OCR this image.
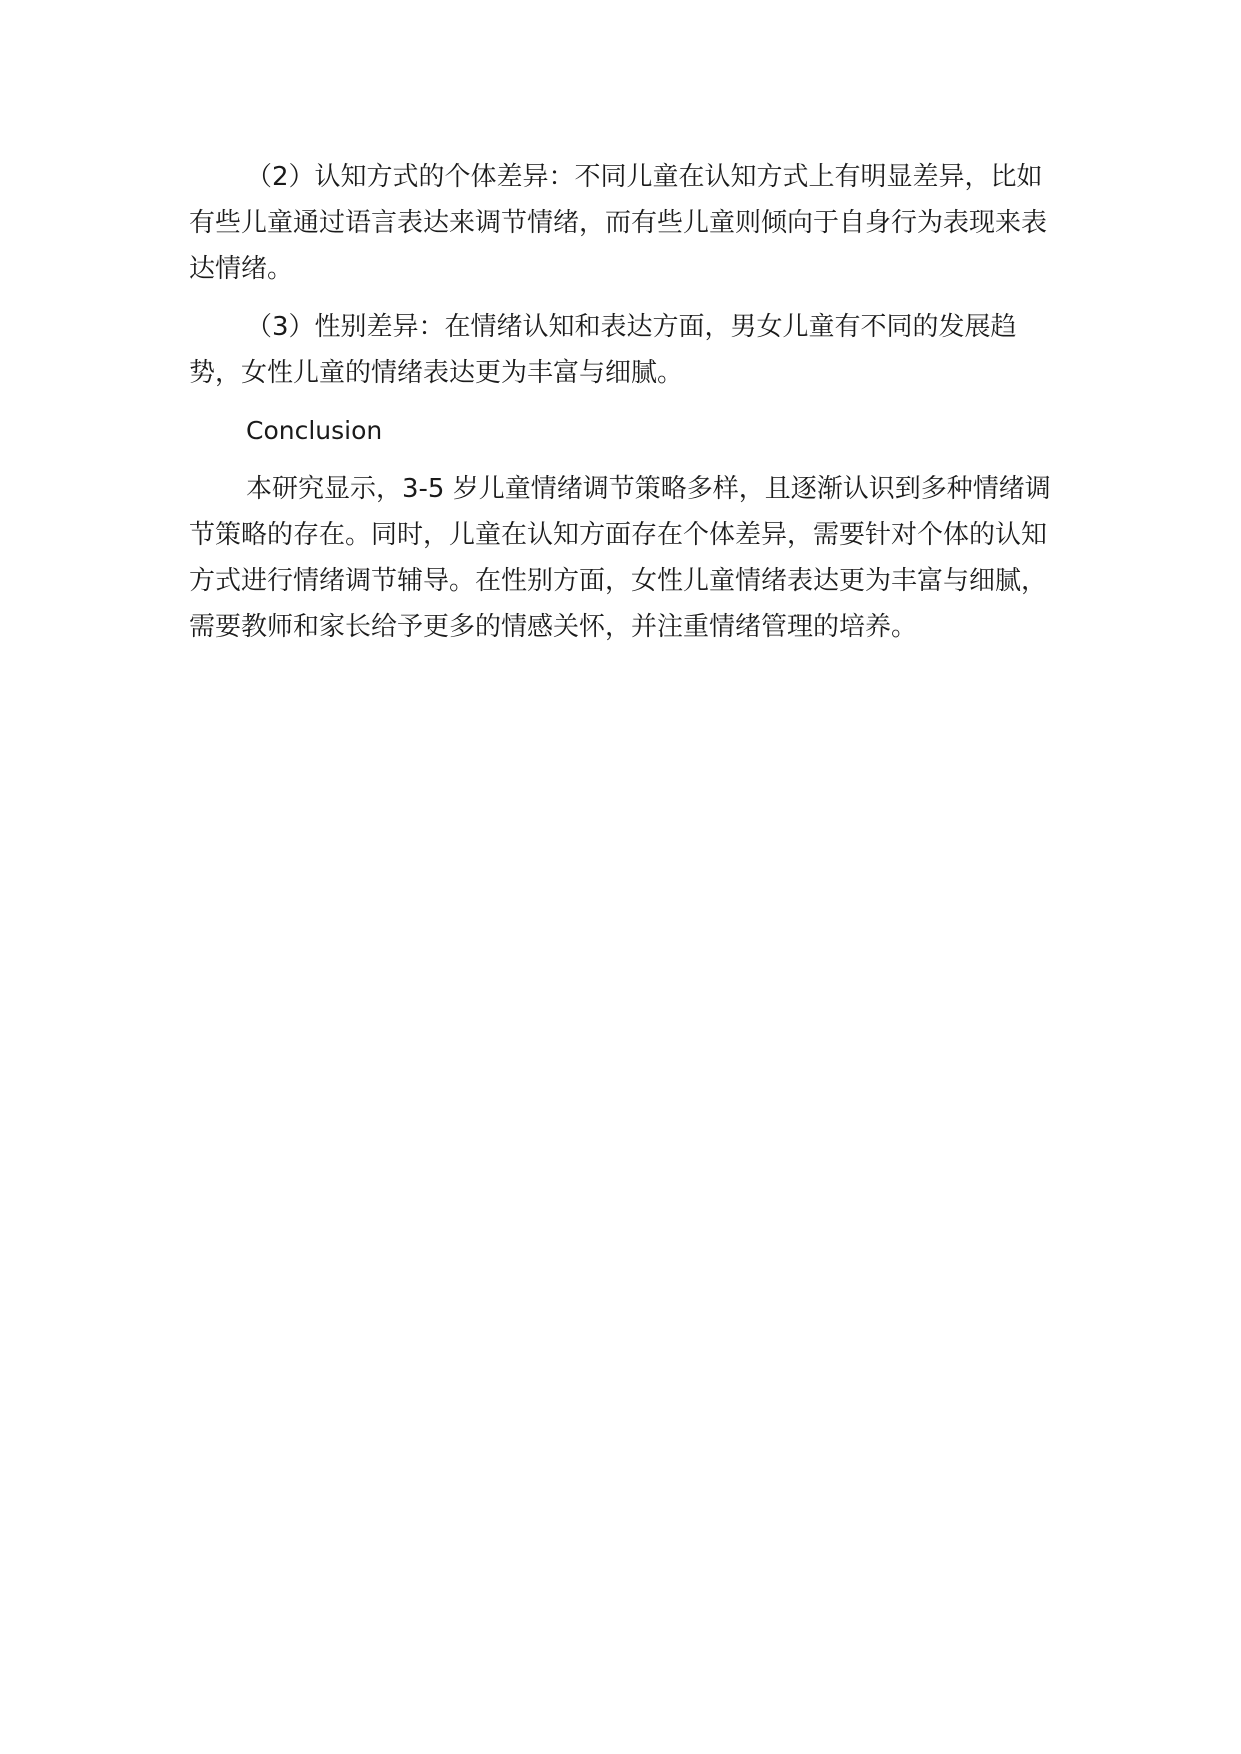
（2）认知方式的个体差异：不同儿童在认知方式上有明显差异，比如有些儿童通过语言表达来调节情绪，而有些儿童则倾向于自身行为表现来表达情绪。

（3）性别差异：在情绪认知和表达方面，男女儿童有不同的发展趋势，女性儿童的情绪表达更为丰富与细腻。

Conclusion

本研究显示，3-5 岁儿童情绪调节策略多样，且逐渐认识到多种情绪调节策略的存在。同时，儿童在认知方面存在个体差异，需要针对个体的认知方式进行情绪调节辅导。在性别方面，女性儿童情绪表达更为丰富与细腻，需要教师和家长给予更多的情感关怀，并注重情绪管理的培养。
